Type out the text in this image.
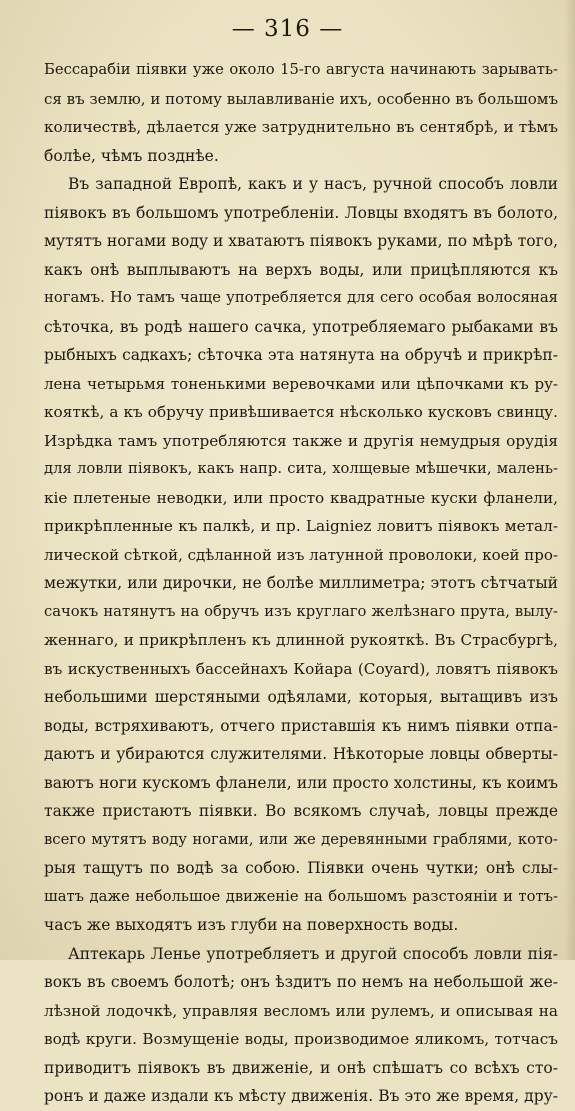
— 316 —
Бессарабіи піявки уже около 15-го августа начинають зарывать-
ся въ землю, и потому вылавливаніе ихъ, особенно въ большомъ
количествѣ, дѣлается уже затруднительно въ сентябрѣ, и тѣмъ
болѣе, чѣмъ позднѣе.
Въ западной Европѣ, какъ и у насъ, ручной способъ ловли
піявокъ въ большомъ употребленіи. Ловцы входятъ въ болото,
мутятъ ногами воду и хватаютъ піявокъ руками, по мѣрѣ того,
какъ онѣ выплываютъ на верхъ воды, или прицѣпляются къ
ногамъ. Но тамъ чаще употребляется для сего особая волосяная
сѣточка, въ родѣ нашего сачка, употребляемаго рыбаками въ
рыбныхъ садкахъ; сѣточка эта натянута на обручѣ и прикрѣп-
лена четырьмя тоненькими веревочками или цѣпочками къ ру-
кояткѣ, а къ обручу привѣшивается нѣсколько кусковъ свинцу.
Изрѣдка тамъ употребляются также и другія немудрыя орудія
для ловли піявокъ, какъ напр. сита, холщевые мѣшечки, малень-
кіе плетеные неводки, или просто квадратные куски фланели,
прикрѣпленные къ палкѣ, и пр. Laigniez ловитъ піявокъ метал-
лической сѣткой, сдѣланной изъ латунной проволоки, коей про-
межутки, или дирочки, не болѣе миллиметра; этотъ сѣтчатый
сачокъ натянутъ на обручъ изъ круглаго желѣзнаго прута, вылу-
женнаго, и прикрѣпленъ къ длинной рукояткѣ. Въ Страсбургѣ,
въ искуственныхъ бассейнахъ Койара (Coyard), ловятъ піявокъ
небольшими шерстяными одѣялами, которыя, вытащивъ изъ
воды, встряхиваютъ, отчего приставшія къ нимъ піявки отпа-
даютъ и убираются служителями. Нѣкоторые ловцы обверты-
ваютъ ноги кускомъ фланели, или просто холстины, къ коимъ
также пристаютъ піявки. Во всякомъ случаѣ, ловцы прежде
всего мутятъ воду ногами, или же деревянными граблями, кото-
рыя тащутъ по водѣ за собою. Піявки очень чутки; онѣ слы-
шатъ даже небольшое движеніе на большомъ разстояніи и тотъ-
часъ же выходятъ изъ глуби на поверхность воды.
Аптекарь Ленье употребляетъ и другой способъ ловли пія-
вокъ въ своемъ болотѣ; онъ ѣздитъ по немъ на небольшой же-
лѣзной лодочкѣ, управляя весломъ или рулемъ, и описывая на
водѣ круги. Возмущеніе воды, производимое яликомъ, тотчасъ
приводитъ піявокъ въ движеніе, и онѣ спѣшатъ со всѣхъ сто-
ронъ и даже издали къ мѣсту движенія. Въ это же время, дру-
